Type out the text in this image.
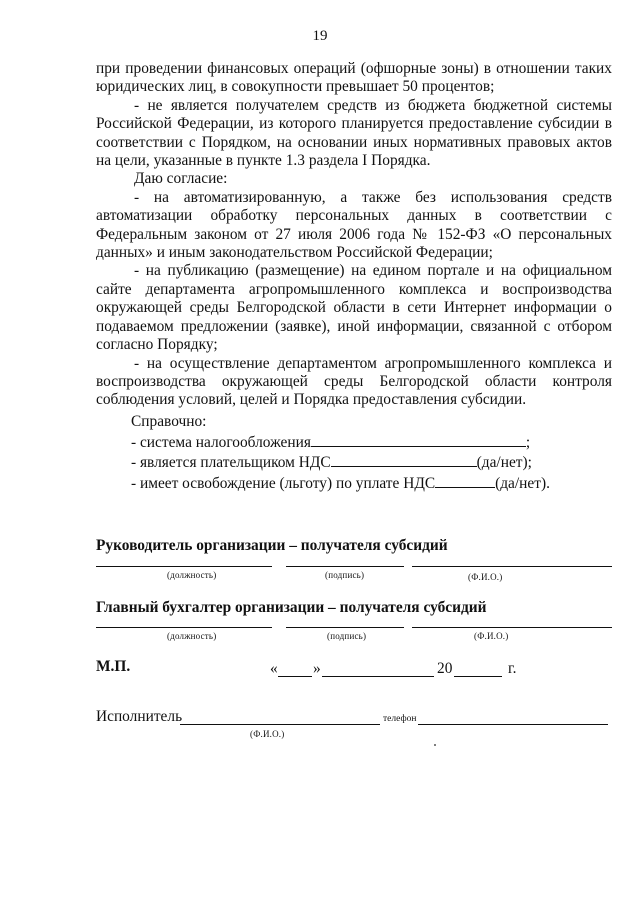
19

при проведении финансовых операций (офшорные зоны) в отношении таких юридических лиц, в совокупности превышает 50 процентов;

- не является получателем средств из бюджета бюджетной системы Российской Федерации, из которого планируется предоставление субсидии в соответствии с Порядком, на основании иных нормативных правовых актов на цели, указанные в пункте 1.3 раздела I Порядка.

Даю согласие:

- на автоматизированную, а также без использования средств автоматизации обработку персональных данных в соответствии с Федеральным законом от 27 июля 2006 года № 152-ФЗ «О персональных данных» и иным законодательством Российской Федерации;

- на публикацию (размещение) на едином портале и на официальном сайте департамента агропромышленного комплекса и воспроизводства окружающей среды Белгородской области в сети Интернет информации о подаваемом предложении (заявке), иной информации, связанной с отбором согласно Порядку;

- на осуществление департаментом агропромышленного комплекса и воспроизводства окружающей среды Белгородской области контроля соблюдения условий, целей и Порядка предоставления субсидии.

Справочно:
- система налогообложения	;
- является плательщиком НДС	(да/нет);
- имеет освобождение (льготу) по уплате НДС	(да/нет).
Руководитель организации – получателя субсидий
(должность)	(подпись)	(Ф.И.О.)
Главный бухгалтер организации – получателя субсидий
(должность)	(подпись)	(Ф.И.О.)
М.П.	« »	20	г.
Исполнитель	телефон
(Ф.И.О.)
